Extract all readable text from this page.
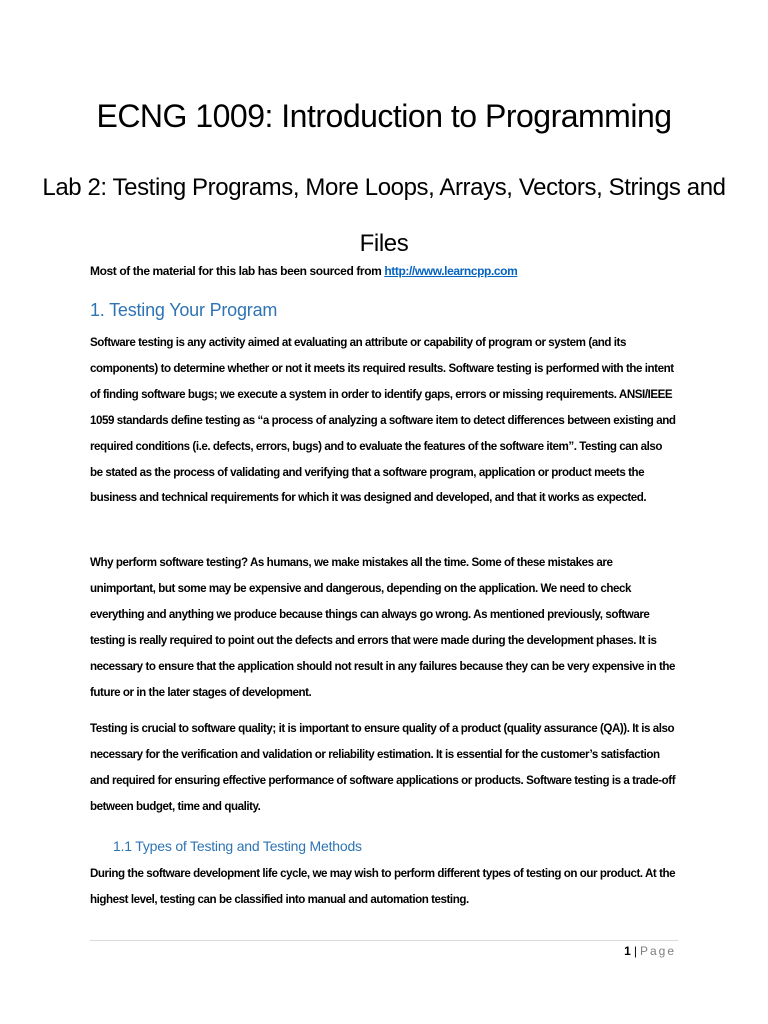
ECNG 1009: Introduction to Programming
Lab 2: Testing Programs, More Loops, Arrays, Vectors, Strings and Files

Most of the material for this lab has been sourced from http://www.learncpp.com

1. Testing Your Program

Software testing is any activity aimed at evaluating an attribute or capability of program or system (and its components) to determine whether or not it meets its required results. Software testing is performed with the intent of finding software bugs; we execute a system in order to identify gaps, errors or missing requirements. ANSI/IEEE 1059 standards define testing as “a process of analyzing a software item to detect differences between existing and required conditions (i.e. defects, errors, bugs) and to evaluate the features of the software item”. Testing can also be stated as the process of validating and verifying that a software program, application or product meets the business and technical requirements for which it was designed and developed, and that it works as expected.

Why perform software testing? As humans, we make mistakes all the time. Some of these mistakes are unimportant, but some may be expensive and dangerous, depending on the application. We need to check everything and anything we produce because things can always go wrong. As mentioned previously, software testing is really required to point out the defects and errors that were made during the development phases. It is necessary to ensure that the application should not result in any failures because they can be very expensive in the future or in the later stages of development.

Testing is crucial to software quality; it is important to ensure quality of a product (quality assurance (QA)). It is also necessary for the verification and validation or reliability estimation. It is essential for the customer’s satisfaction and required for ensuring effective performance of software applications or products. Software testing is a trade-off between budget, time and quality.

1.1 Types of Testing and Testing Methods

During the software development life cycle, we may wish to perform different types of testing on our product. At the highest level, testing can be classified into manual and automation testing.

1 | Page
